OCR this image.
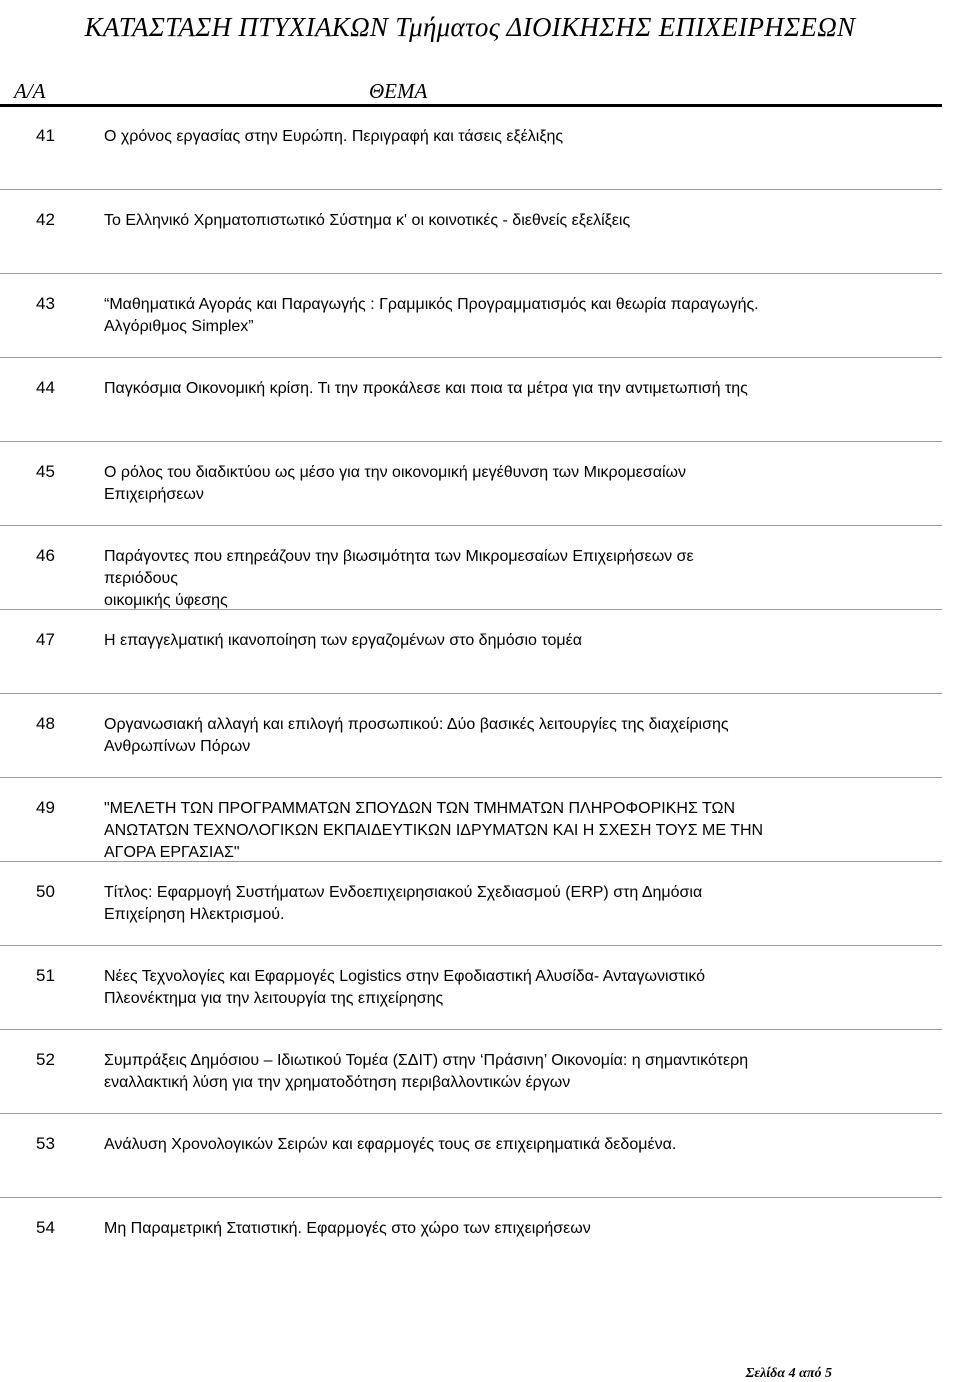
ΚΑΤΑΣΤΑΣΗ ΠΤΥΧΙΑΚΩΝ Τμήματος ΔΙΟΙΚΗΣΗΣ ΕΠΙΧΕΙΡΗΣΕΩΝ
Α/Α	ΘΕΜΑ
41	Ο χρόνος εργασίας στην Ευρώπη. Περιγραφή και τάσεις εξέλιξης
42	Το Ελληνικό Χρηματοπιστωτικό Σύστημα κ' οι κοινοτικές - διεθνείς εξελίξεις
43	“Μαθηματικά Αγοράς και Παραγωγής : Γραμμικός Προγραμματισμός και θεωρία παραγωγής.
Αλγόριθμος Simplex”
44	Παγκόσμια Οικονομική κρίση. Τι την προκάλεσε και ποια τα μέτρα για την αντιμετωπισή της
45	Ο ρόλος του διαδικτύου ως μέσο για την οικονομική μεγέθυνση των Μικρομεσαίων
Επιχειρήσεων
46	Παράγοντες που επηρεάζουν την βιωσιμότητα των Μικρομεσαίων Επιχειρήσεων σε
περιόδους
οικομικής ύφεσης
47	Η επαγγελματική ικανοποίηση των εργαζομένων στο δημόσιο τομέα
48	Οργανωσιακή αλλαγή και επιλογή προσωπικού: Δύο βασικές λειτουργίες της διαχείρισης
Ανθρωπίνων Πόρων
49	"ΜΕΛΕΤΗ ΤΩΝ ΠΡΟΓΡΑΜΜΑΤΩΝ ΣΠΟΥΔΩΝ ΤΩΝ ΤΜΗΜΑΤΩΝ ΠΛΗΡΟΦΟΡΙΚΗΣ ΤΩΝ
ΑΝΩΤΑΤΩΝ ΤΕΧΝΟΛΟΓΙΚΩΝ ΕΚΠΑΙΔΕΥΤΙΚΩΝ ΙΔΡΥΜΑΤΩΝ ΚΑΙ Η ΣΧΕΣΗ ΤΟΥΣ ΜΕ ΤΗΝ
ΑΓΟΡΑ ΕΡΓΑΣΙΑΣ"
50	Τίτλος: Εφαρμογή Συστήματων Ενδοεπιχειρησιακού Σχεδιασμού (ERP) στη Δημόσια
Επιχείρηση Ηλεκτρισμού.
51	Νέες Τεχνολογίες και Εφαρμογές Logistics στην Εφοδιαστική Αλυσίδα- Ανταγωνιστικό
Πλεονέκτημα για την λειτουργία της επιχείρησης
52	Συμπράξεις Δημόσιου – Ιδιωτικού Τομέα (ΣΔΙΤ) στην ‘Πράσινη’ Οικονομία: η σημαντικότερη
εναλλακτική λύση για την χρηματοδότηση περιβαλλοντικών έργων
53	Ανάλυση Χρονολογικών Σειρών και εφαρμογές τους σε επιχειρηματικά δεδομένα.
54	Μη Παραμετρική Στατιστική. Εφαρμογές στο χώρο των επιχειρήσεων
Σελίδα 4 από 5
